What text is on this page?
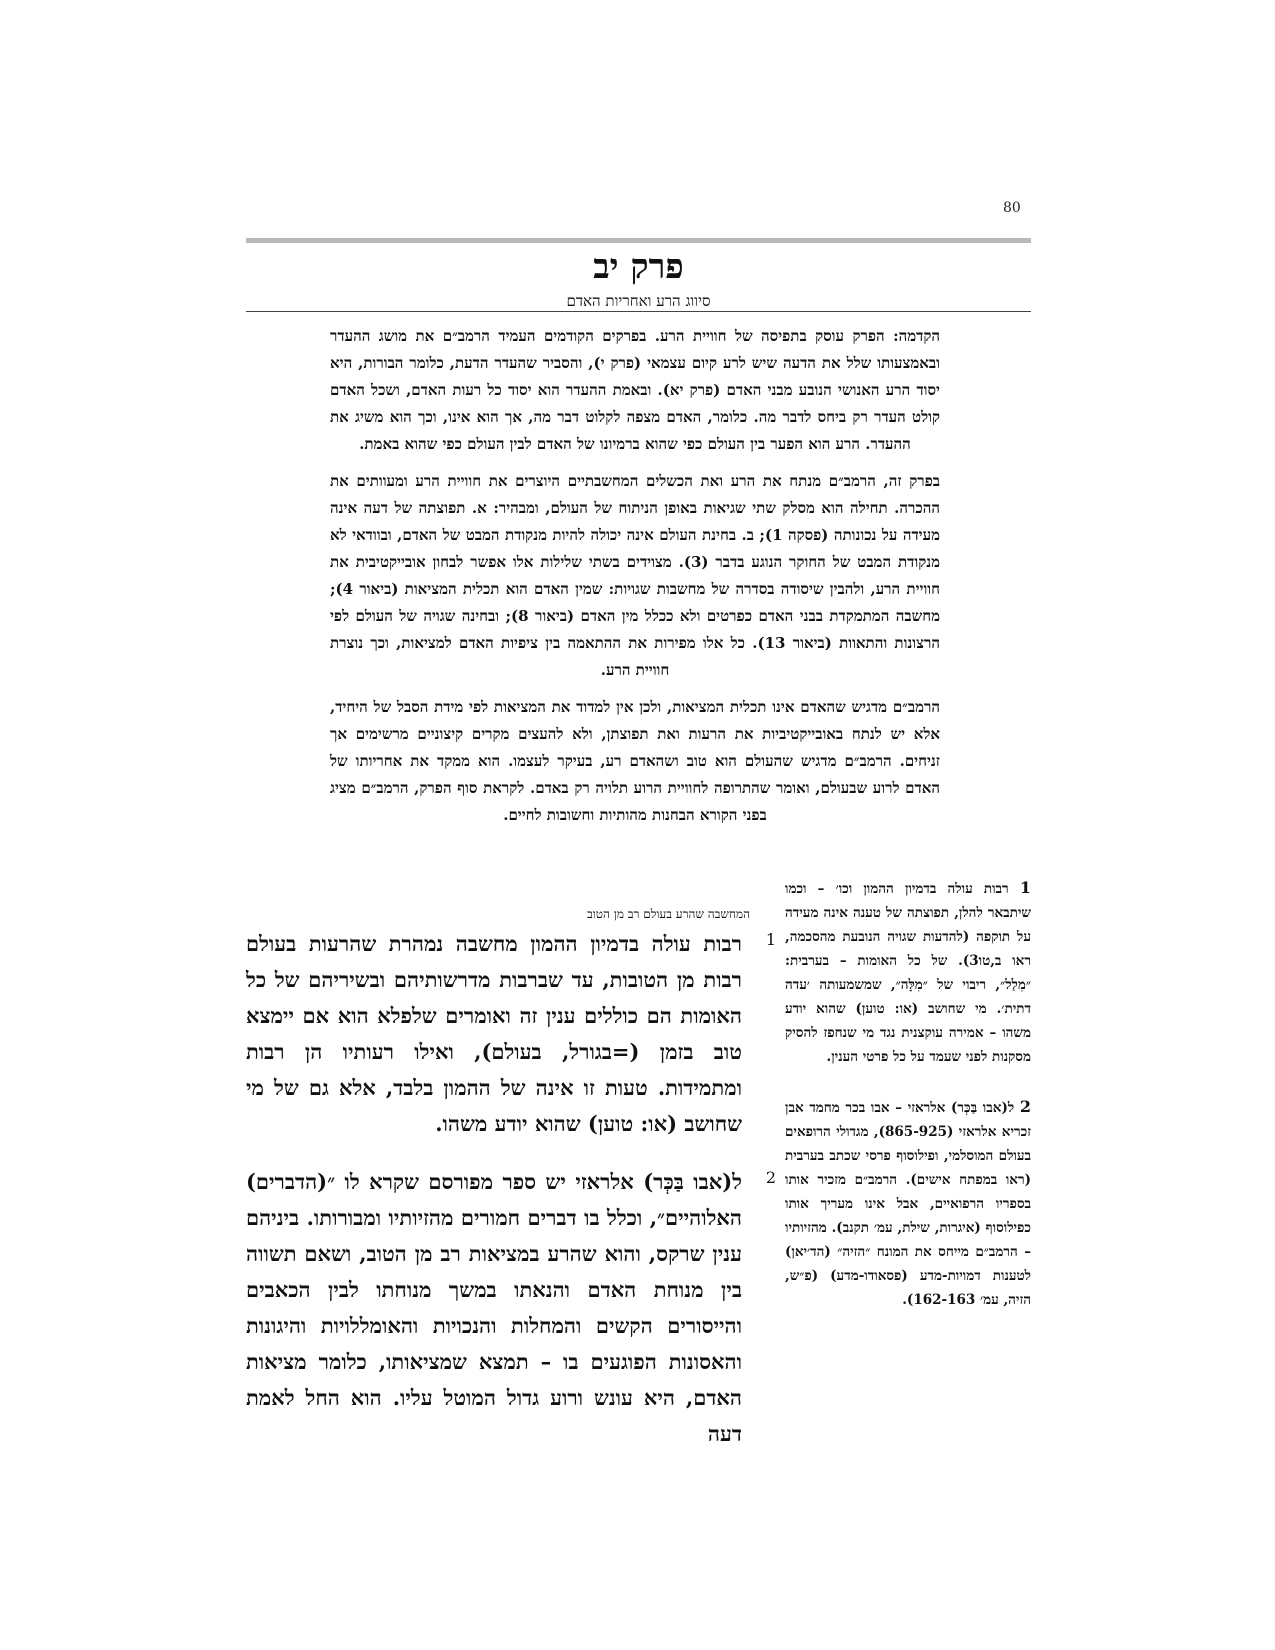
80
פרק יב
סיווג הרע ואחריות האדם

הקדמה: הפרק עוסק בתפיסה של חוויית הרע. בפרקים הקודמים העמיד הרמב״ם את מושג ההעדר ובאמצעותו שלל את הדעה שיש לרע קיום עצמאי (פרק י), והסביר שהעדר הדעת, כלומר הבורות, היא יסוד הרע האנושי הנובע מבני האדם (פרק יא). ובאמת ההעדר הוא יסוד כל רעות האדם, ושכל האדם קולט העדר רק ביחס לדבר מה. כלומר, האדם מצפה לקלוט דבר מה, אך הוא אינו, וכך הוא משיג את ההעדר. הרע הוא הפער בין העולם כפי שהוא ברמיונו של האדם לבין העולם כפי שהוא באמת.

בפרק זה, הרמב״ם מנתח את הרע ואת הכשלים המחשבתיים היוצרים את חוויית הרע ומעוותים את ההכרה. תחילה הוא מסלק שתי שגיאות באופן הניתוח של העולם, ומבהיר: א. תפוצתה של דעה אינה מעידה על נכונותה (פסקה 1); ב. בחינת העולם אינה יכולה להיות מנקודת המבט של האדם, ובוודאי לא מנקודת המבט של החוקר הנוגע בדבר (3). מצוידים בשתי שלילות אלו אפשר לבחון אובייקטיבית את חוויית הרע, ולהבין שיסודה בסדרה של מחשבות שגויות: שמין האדם הוא תכלית המציאות (ביאור 4); מחשבה המתמקדת בבני האדם כפרטים ולא ככלל מין האדם (ביאור 8); ובחינה שגויה של העולם לפי הרצונות והתאוות (ביאור 13). כל אלו מפירות את ההתאמה בין ציפיות האדם למציאות, וכך נוצרת חוויית הרע.

הרמב״ם מדגיש שהאדם אינו תכלית המציאות, ולכן אין למדוד את המציאות לפי מידת הסבל של היחיד, אלא יש לנתח באובייקטיביות את הרעות ואת תפוצתן, ולא להעצים מקרים קיצוניים מרשימים אך זניחים. הרמב״ם מדגיש שהעולם הוא טוב ושהאדם רע, בעיקר לעצמו. הוא ממקד את אחריותו של האדם לרוע שבעולם, ואומר שהתרופה לחוויית הרוע תלויה רק באדם. לקראת סוף הפרק, הרמב״ם מציג בפני הקורא הבחנות מהותיות וחשובות לחיים.

המחשבה שהרע בעולם רב מן הטוב
1
רבות עולה בדמיון ההמון מחשבה נמהרת שהרעות בעולם רבות מן הטובות, עד שברבות מדרשותיהם ובשיריהם של כל האומות הם כוללים ענין זה ואומרים שלפלא הוא אם יימצא טוב בזמן (=בגורל, בעולם), ואילו רעותיו הן רבות ומתמידות. טעות זו אינה של ההמון בלבד, אלא גם של מי שחושב (או: טוען) שהוא יודע משהו.
2
ל(אבו בַּכְּר) אלראזי יש ספר מפורסם שקרא לו ״(הדברים) האלוהיים״, וכלל בו דברים חמורים מהזיותיו ומבורותו. ביניהם ענין שרקס, והוא שהרע במציאות רב מן הטוב, ושאם תשווה בין מנוחת האדם והנאתו במשך מנוחתו לבין הכאבים והייסורים הקשים והמחלות והנכויות והאומללויות והיגונות והאסונות הפוגעים בו – תמצא שמציאותו, כלומר מציאות האדם, היא עונש ורוע גדול המוטל עליו. הוא החל לאמת דעה
1 רבות עולה בדמיון ההמון וכו׳ – וכמו שיתבאר להלן, תפוצתה של טענה אינה מעידה על תוקפה (להדעות שגויה הנובעת מהסכמה, ראו ב,טו3). של כל האומות – בערבית: ״מִלַל״, ריבוי של ״מִלָּה״, שמשמעותה ׳עדה דתית׳. מי שחושב (או: טוען) שהוא יודע משהו – אמירה עוקצנית נגד מי שנחפז להסיק מסקנות לפני שעמד על כל פרטי הענין.
2 ל(אבו בַּכְּר) אלראזי – אבו בכר מחמד אבן זכריא אלראזי (865-925), מגדולי הרופאים בעולם המוסלמי, ופילוסוף פרסי שכתב בערבית (ראו במפתח אישים). הרמב״ם מזכיר אותו בספריו הרפואיים, אבל אינו מעריך אותו כפילוסוף (איגרות, שילת, עמ׳ תקנב). מהזיותיו – הרמב״ם מייחס את המונח ״הזיה״ (הד׳יאן) לטענות דמויות-מדע (פסאודו-מדע) (פ״ש, הזיה, עמ׳ 162-163).
